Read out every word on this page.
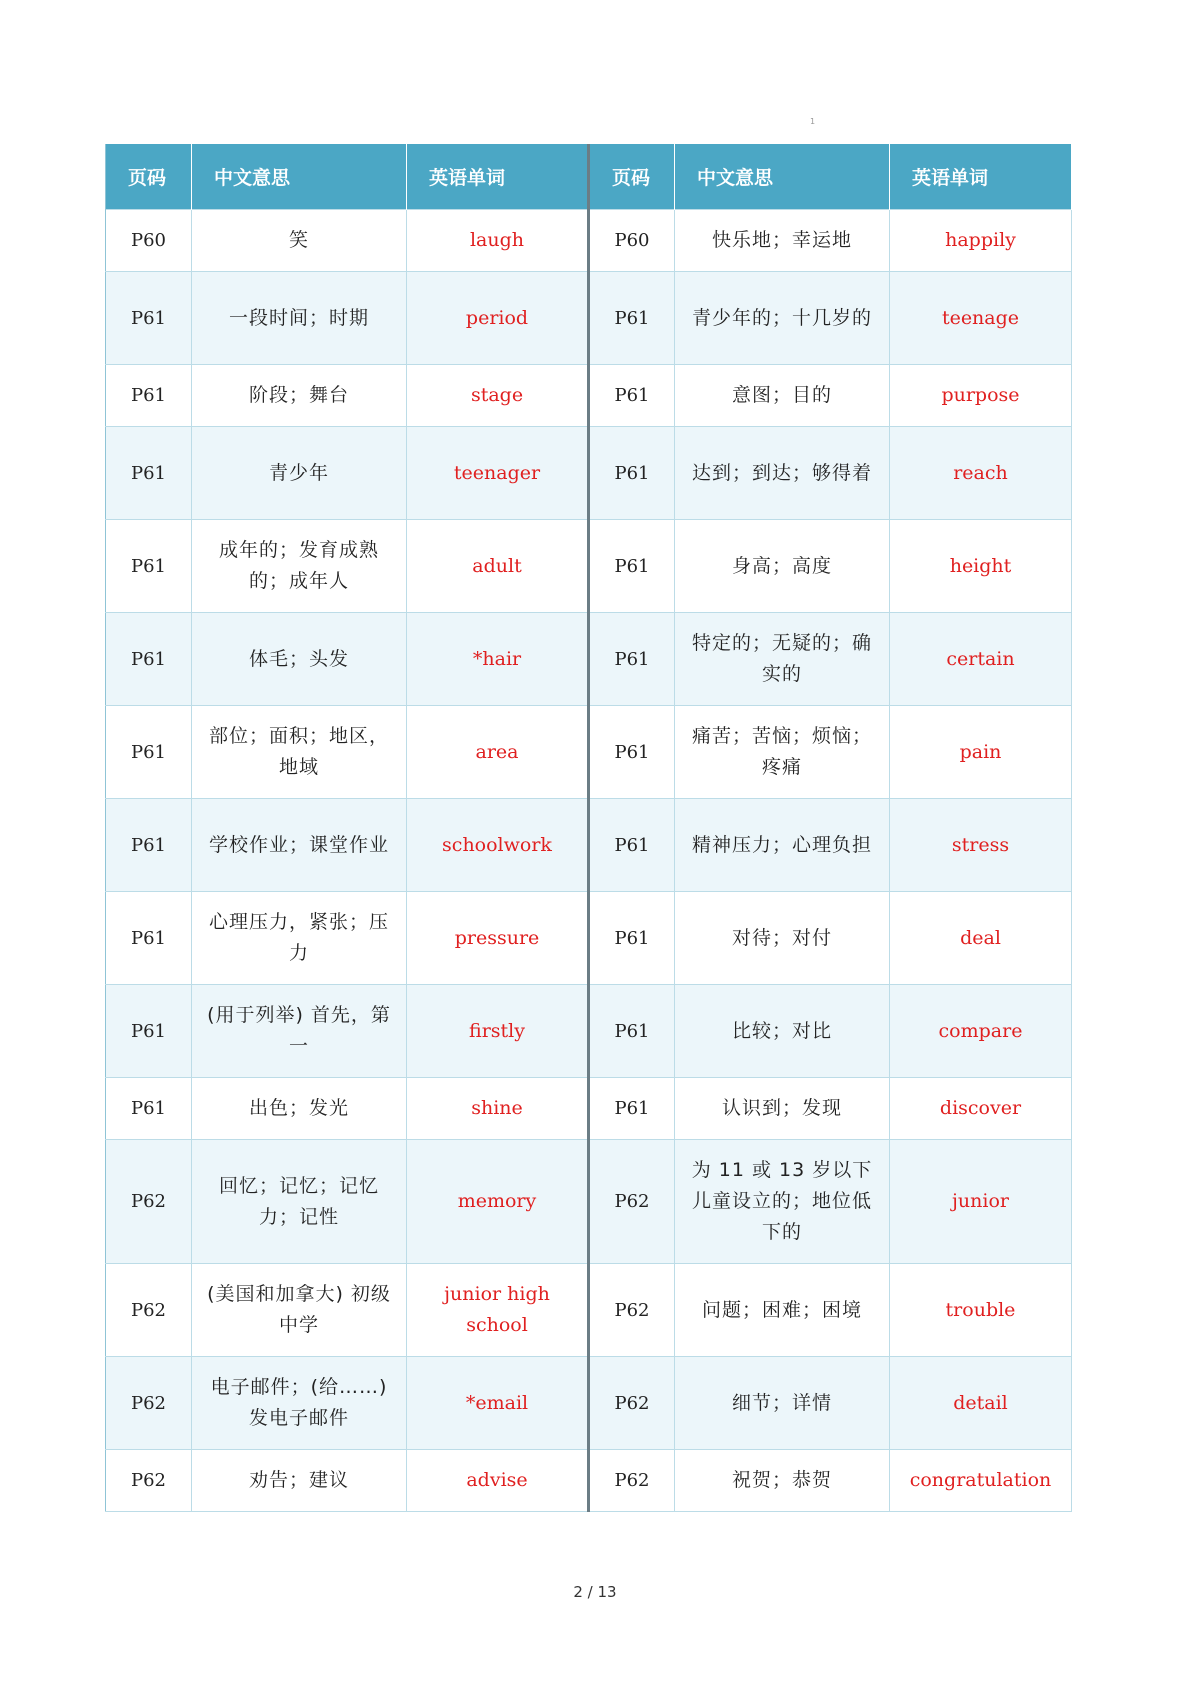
1
页码	中文意思	英语单词	页码	中文意思	英语单词
P60	笑	laugh	P60	快乐地；幸运地	happily
P61	一段时间；时期	period	P61	青少年的；十几岁的	teenage
P61	阶段；舞台	stage	P61	意图；目的	purpose
P61	青少年	teenager	P61	达到；到达；够得着	reach
P61	成年的；发育成熟的；成年人	adult	P61	身高；高度	height
P61	体毛；头发	*hair	P61	特定的；无疑的；确实的	certain
P61	部位；面积；地区，地域	area	P61	痛苦；苦恼；烦恼；疼痛	pain
P61	学校作业；课堂作业	schoolwork	P61	精神压力；心理负担	stress
P61	心理压力，紧张；压力	pressure	P61	对待；对付	deal
P61	(用于列举) 首先，第一	firstly	P61	比较；对比	compare
P61	出色；发光	shine	P61	认识到；发现	discover
P62	回忆；记忆；记忆力；记性	memory	P62	为 11 或 13 岁以下儿童设立的；地位低下的	junior
P62	(美国和加拿大) 初级中学	junior high school	P62	问题；困难；困境	trouble
P62	电子邮件；(给……)发电子邮件	*email	P62	细节；详情	detail
P62	劝告；建议	advise	P62	祝贺；恭贺	congratulation
2 / 13
